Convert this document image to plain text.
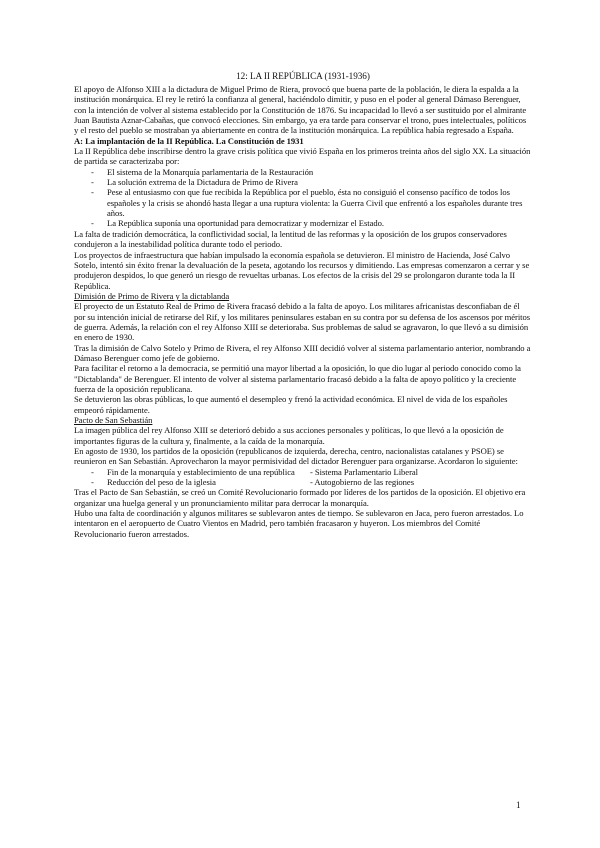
12: LA II REPÚBLICA (1931-1936)

El apoyo de Alfonso XIII a la dictadura de Miguel Primo de Riera, provocó que buena parte de la población, le diera la espalda a la institución monárquica. El rey le retiró la confianza al general, haciéndolo dimitir, y puso en el poder al general Dámaso Berenguer, con la intención de volver al sistema establecido por la Constitución de 1876. Su incapacidad lo llevó a ser sustituido por el almirante Juan Bautista Aznar-Cabañas, que convocó elecciones. Sin embargo, ya era tarde para conservar el trono, pues intelectuales, políticos y el resto del pueblo se mostraban ya abiertamente en contra de la institución monárquica. La república había regresado a España.

A: La implantación de la II República. La Constitución de 1931

La II República debe inscribirse dentro la grave crisis política que vivió España en los primeros treinta años del siglo XX. La situación de partida se caracterizaba por:

- El sistema de la Monarquía parlamentaria de la Restauración
- La solución extrema de la Dictadura de Primo de Rivera
- Pese al entusiasmo con que fue recibida la República por el pueblo, ésta no consiguió el consenso pacífico de todos los españoles y la crisis se ahondó hasta llegar a una ruptura violenta: la Guerra Civil que enfrentó a los españoles durante tres años.
- La República suponía una oportunidad para democratizar y modernizar el Estado.

La falta de tradición democrática, la conflictividad social, la lentitud de las reformas y la oposición de los grupos conservadores condujeron a la inestabilidad política durante todo el periodo.

Los proyectos de infraestructura que habían impulsado la economía española se detuvieron. El ministro de Hacienda, José Calvo Sotelo, intentó sin éxito frenar la devaluación de la peseta, agotando los recursos y dimitiendo. Las empresas comenzaron a cerrar y se produjeron despidos, lo que generó un riesgo de revueltas urbanas. Los efectos de la crisis del 29 se prolongaron durante toda la II República.

Dimisión de Primo de Rivera y la dictablanda

El proyecto de un Estatuto Real de Primo de Rivera fracasó debido a la falta de apoyo. Los militares africanistas desconfiaban de él por su intención inicial de retirarse del Rif, y los militares peninsulares estaban en su contra por su defensa de los ascensos por méritos de guerra. Además, la relación con el rey Alfonso XIII se deterioraba. Sus problemas de salud se agravaron, lo que llevó a su dimisión en enero de 1930.

Tras la dimisión de Calvo Sotelo y Primo de Rivera, el rey Alfonso XIII decidió volver al sistema parlamentario anterior, nombrando a Dámaso Berenguer como jefe de gobierno.

Para facilitar el retorno a la democracia, se permitió una mayor libertad a la oposición, lo que dio lugar al periodo conocido como la "Dictablanda" de Berenguer. El intento de volver al sistema parlamentario fracasó debido a la falta de apoyo político y la creciente fuerza de la oposición republicana.

Se detuvieron las obras públicas, lo que aumentó el desempleo y frenó la actividad económica. El nivel de vida de los españoles empeoró rápidamente.

Pacto de San Sebastián

La imagen pública del rey Alfonso XIII se deterioró debido a sus acciones personales y políticas, lo que llevó a la oposición de importantes figuras de la cultura y, finalmente, a la caída de la monarquía.

En agosto de 1930, los partidos de la oposición (republicanos de izquierda, derecha, centro, nacionalistas catalanes y PSOE) se reunieron en San Sebastián. Aprovecharon la mayor permisividad del dictador Berenguer para organizarse. Acordaron lo siguiente:

- Fin de la monarquía y establecimiento de una república	- Sistema Parlamentario Liberal
- Reducción del peso de la iglesia	- Autogobierno de las regiones

Tras el Pacto de San Sebastián, se creó un Comité Revolucionario formado por líderes de los partidos de la oposición. El objetivo era organizar una huelga general y un pronunciamiento militar para derrocar la monarquía.

Hubo una falta de coordinación y algunos militares se sublevaron antes de tiempo. Se sublevaron en Jaca, pero fueron arrestados. Lo intentaron en el aeropuerto de Cuatro Vientos en Madrid, pero también fracasaron y huyeron. Los miembros del Comité Revolucionario fueron arrestados.

1
